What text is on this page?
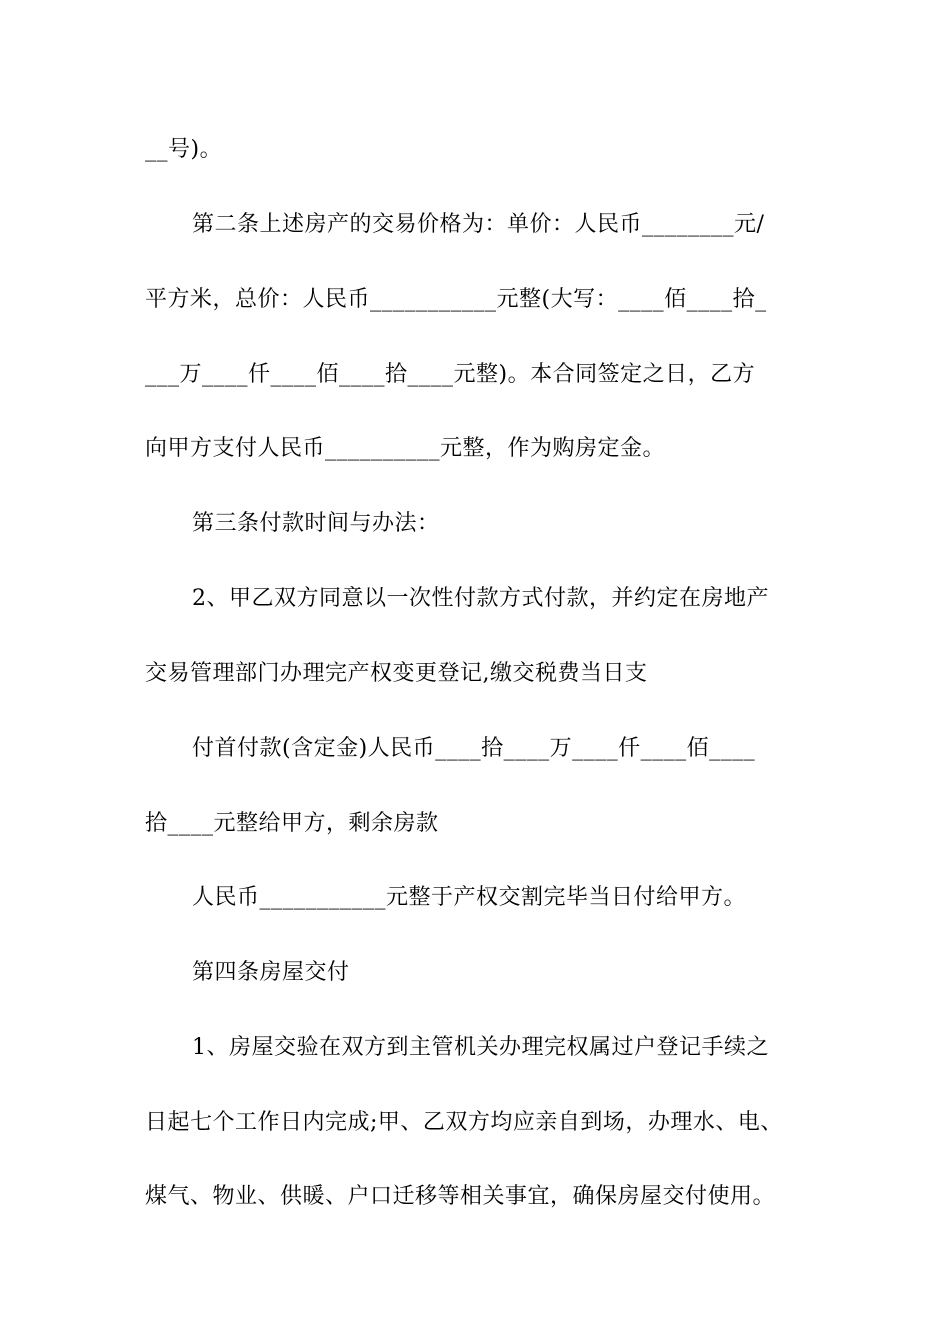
__号)。
第二条上述房产的交易价格为：单价：人民币________元/
平方米，总价：人民币___________元整(大写：____佰____拾_
___万____仟____佰____拾____元整)。本合同签定之日，乙方
向甲方支付人民币__________元整，作为购房定金。
第三条付款时间与办法：
2、甲乙双方同意以一次性付款方式付款，并约定在房地产
交易管理部门办理完产权变更登记,缴交税费当日支
付首付款(含定金)人民币____拾____万____仟____佰____
拾____元整给甲方，剩余房款
人民币___________元整于产权交割完毕当日付给甲方。
第四条房屋交付
1、房屋交验在双方到主管机关办理完权属过户登记手续之
日起七个工作日内完成;甲、乙双方均应亲自到场，办理水、电、
煤气、物业、供暖、户口迁移等相关事宜，确保房屋交付使用。
